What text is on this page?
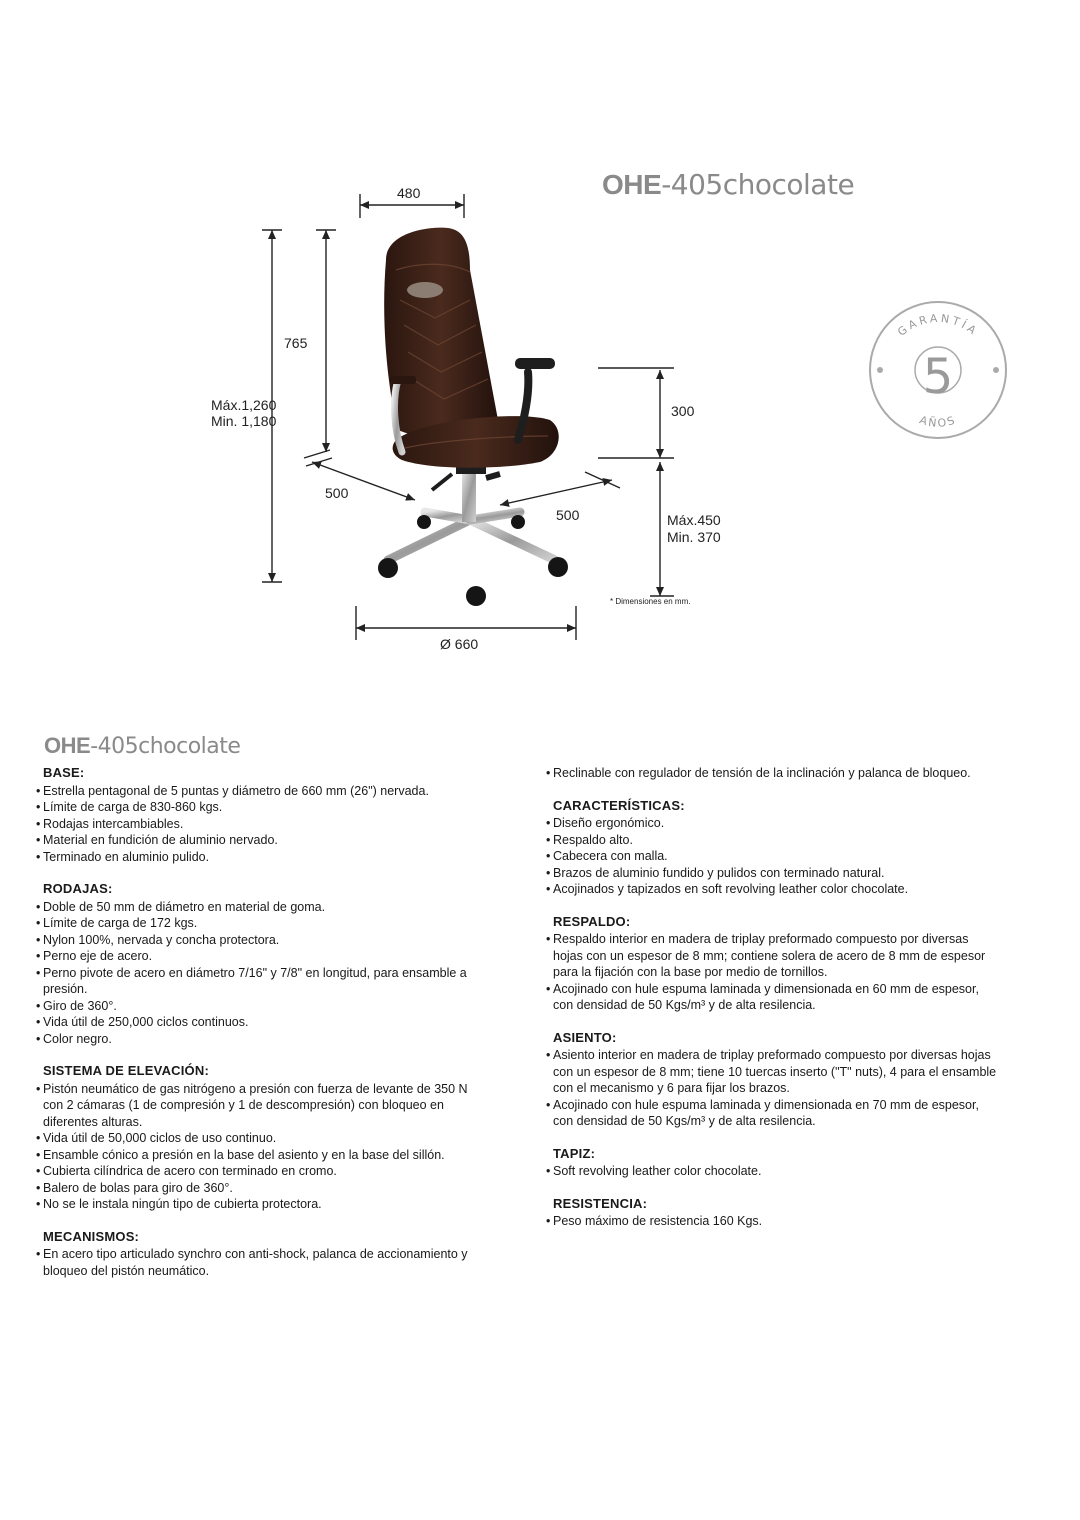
480
765
Máx.1,260
Min. 1,180
500
500
300
Máx.450
Min. 370
Ø 660
* Dimensiones en mm.
GARANTÍA
AÑOS
5
OHE-405chocolate
OHE-405chocolate
BASE:
• Estrella pentagonal de 5 puntas y diámetro de 660 mm (26") nervada.
• Límite de carga de 830-860 kgs.
• Rodajas intercambiables.
• Material en fundición de aluminio nervado.
• Terminado en aluminio pulido.
RODAJAS:
• Doble de 50 mm de diámetro en material de goma.
• Límite de carga de 172 kgs.
• Nylon 100%, nervada y concha protectora.
• Perno eje de acero.
• Perno pivote de acero en diámetro 7/16" y 7/8" en longitud, para ensamble a presión.
• Giro de 360°.
• Vida útil de 250,000 ciclos continuos.
• Color negro.
SISTEMA DE ELEVACIÓN:
• Pistón neumático de gas nitrógeno a presión con fuerza de levante de 350 N con 2 cámaras (1 de compresión y 1 de descompresión) con bloqueo en diferentes alturas.
• Vida útil de 50,000 ciclos de uso continuo.
• Ensamble cónico a presión en la base del asiento y en la base del sillón.
• Cubierta cilíndrica de acero con terminado en cromo.
• Balero de bolas para giro de 360°.
• No se le instala ningún tipo de cubierta protectora.
MECANISMOS:
• En acero tipo articulado synchro con anti-shock, palanca de accionamiento y bloqueo del pistón neumático.
• Reclinable con regulador de tensión de la inclinación y palanca de bloqueo.
CARACTERÍSTICAS:
• Diseño ergonómico.
• Respaldo alto.
• Cabecera con malla.
• Brazos de aluminio fundido y pulidos con terminado natural.
• Acojinados y tapizados en soft revolving leather color chocolate.
RESPALDO:
• Respaldo interior en madera de triplay preformado compuesto por diversas hojas con un espesor de 8 mm; contiene solera de acero de 8 mm de espesor para la fijación con la base por medio de tornillos.
• Acojinado con hule espuma laminada y dimensionada en 60 mm de espesor, con densidad de 50 Kgs/m³ y de alta resilencia.
ASIENTO:
• Asiento interior en madera de triplay preformado compuesto por diversas hojas con un espesor de 8 mm; tiene 10 tuercas inserto ("T" nuts), 4 para el ensamble con el mecanismo y 6 para fijar los brazos.
• Acojinado con hule espuma laminada y dimensionada en 70 mm de espesor, con densidad de 50 Kgs/m³ y de alta resilencia.
TAPIZ:
• Soft revolving leather color chocolate.
RESISTENCIA:
• Peso máximo de resistencia 160 Kgs.
